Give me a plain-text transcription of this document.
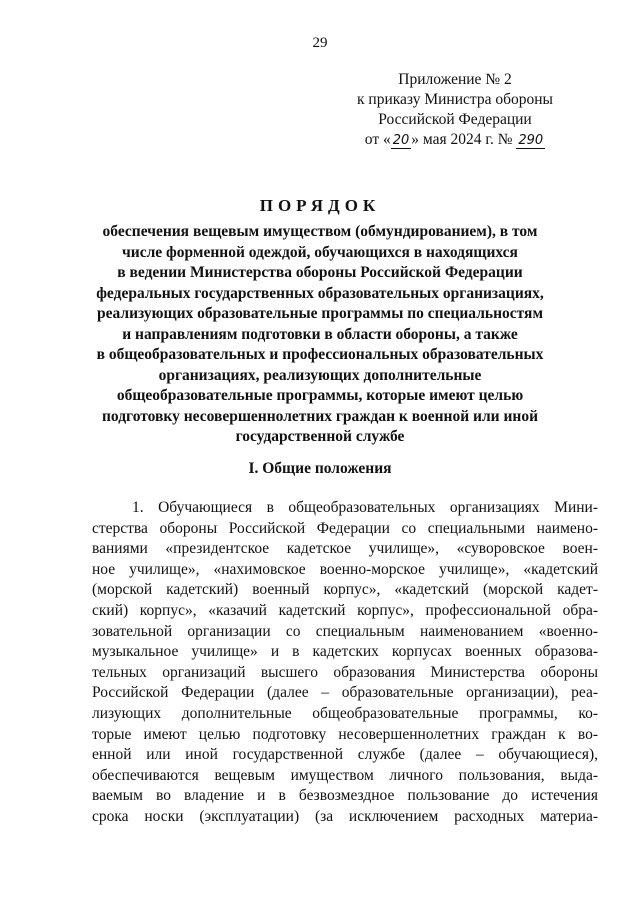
29
Приложение № 2
к приказу Министра обороны
Российской Федерации
от « 20 » мая 2024 г. № 290
ПОРЯДОК
обеспечения вещевым имуществом (обмундированием), в том
числе форменной одеждой, обучающихся в находящихся
в ведении Министерства обороны Российской Федерации
федеральных государственных образовательных организациях,
реализующих образовательные программы по специальностям
и направлениям подготовки в области обороны, а также
в общеобразовательных и профессиональных образовательных
организациях, реализующих дополнительные
общеобразовательные программы, которые имеют целью
подготовку несовершеннолетних граждан к военной или иной
государственной службе
I. Общие положения
1. Обучающиеся в общеобразовательных организациях Мини-
стерства обороны Российской Федерации со специальными наимено-
ваниями «президентское кадетское училище», «суворовское воен-
ное училище», «нахимовское военно-морское училище», «кадетский
(морской кадетский) военный корпус», «кадетский (морской кадет-
ский) корпус», «казачий кадетский корпус», профессиональной обра-
зовательной организации со специальным наименованием «военно-
музыкальное училище» и в кадетских корпусах военных образова-
тельных организаций высшего образования Министерства обороны
Российской Федерации (далее – образовательные организации), реа-
лизующих дополнительные общеобразовательные программы, ко-
торые имеют целью подготовку несовершеннолетних граждан к во-
енной или иной государственной службе (далее – обучающиеся),
обеспечиваются вещевым имуществом личного пользования, выда-
ваемым во владение и в безвозмездное пользование до истечения
срока носки (эксплуатации) (за исключением расходных материа-
